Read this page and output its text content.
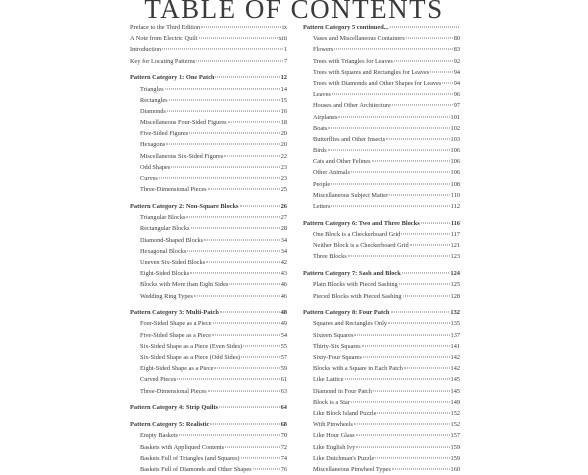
TABLE OF CONTENTS
Preface to the Third Edition	ix
A Note from Electric Quilt	xiii
Introduction	1
Key for Locating Patterns	7
Pattern Category 1: One Patch	12
Triangles	14
Rectangles	15
Diamonds	16
Miscellaneous Four-Sided Figures	18
Five-Sided Figures	20
Hexagons	20
Miscellaneous Six-Sided Figures	22
Odd Shapes	23
Curves	23
Three-Dimensional Pieces	25
Pattern Category 2: Non-Square Blocks	26
Triangular Blocks	27
Rectangular Blocks	28
Diamond-Shaped Blocks	34
Hexagonal Blocks	34
Uneven Six-Sided Blocks	42
Eight-Sided Blocks	43
Blocks with More than Eight Sides	46
Wedding Ring Types	46
Pattern Category 3: Multi-Patch	48
Four-Sided Shape as a Piece	49
Five-Sided Shape as a Piece	54
Six-Sided Shape as a Piece (Even Sides)	55
Six-Sided Shape as a Piece (Odd Sides)	57
Eight-Sided Shape as a Piece	59
Curved Pieces	61
Three-Dimensional Pieces	63
Pattern Category 4: Strip Quilts	64
Pattern Category 5: Realistic	68
Empty Baskets	70
Baskets with Appliqued Contents	72
Baskets Full of Triangles (and Squares)	74
Baskets Full of Diamonds and Other Shapes	76
Pattern Category 5 continued...
Vases and Miscellaneous Containers	80
Flowers	83
Trees with Triangles for Leaves	92
Trees with Squares and Rectangles for Leaves	94
Trees with Diamonds and Other Shapes for Leaves 94
Leaves	96
Houses and Other Architecture	97
Airplanes	101
Boats	102
Butterflies and Other Insects	103
Birds	106
Cats and Other Felines	106
Other Animals	106
People	108
Miscellaneous Subject Matter	110
Letters	112
Pattern Category 6: Two and Three Blocks	116
One Block is a Checkerboard Grid	117
Neither Block is a Checkerboard Grid	121
Three Blocks	123
Pattern Category 7: Sash and Block	124
Plain Blocks with Pieced Sashing	125
Pieced Blocks with Pieced Sashing	128
Pattern Category 8: Four Patch	132
Squares and Rectangles Only	135
Sixteen Squares	137
Thirty-Six Squares	141
Sixty-Four Squares	142
Blocks with a Square in Each Patch	142
Like Lattice	145
Diamond in Four Patch	145
Block is a Star	149
Like Block Island Puzzle	152
With Pinwheels	152
Like Hour Glass	157
Like English Ivy	159
Like Dutchman's Puzzle	159
Miscellaneous Pinwheel Types	160
